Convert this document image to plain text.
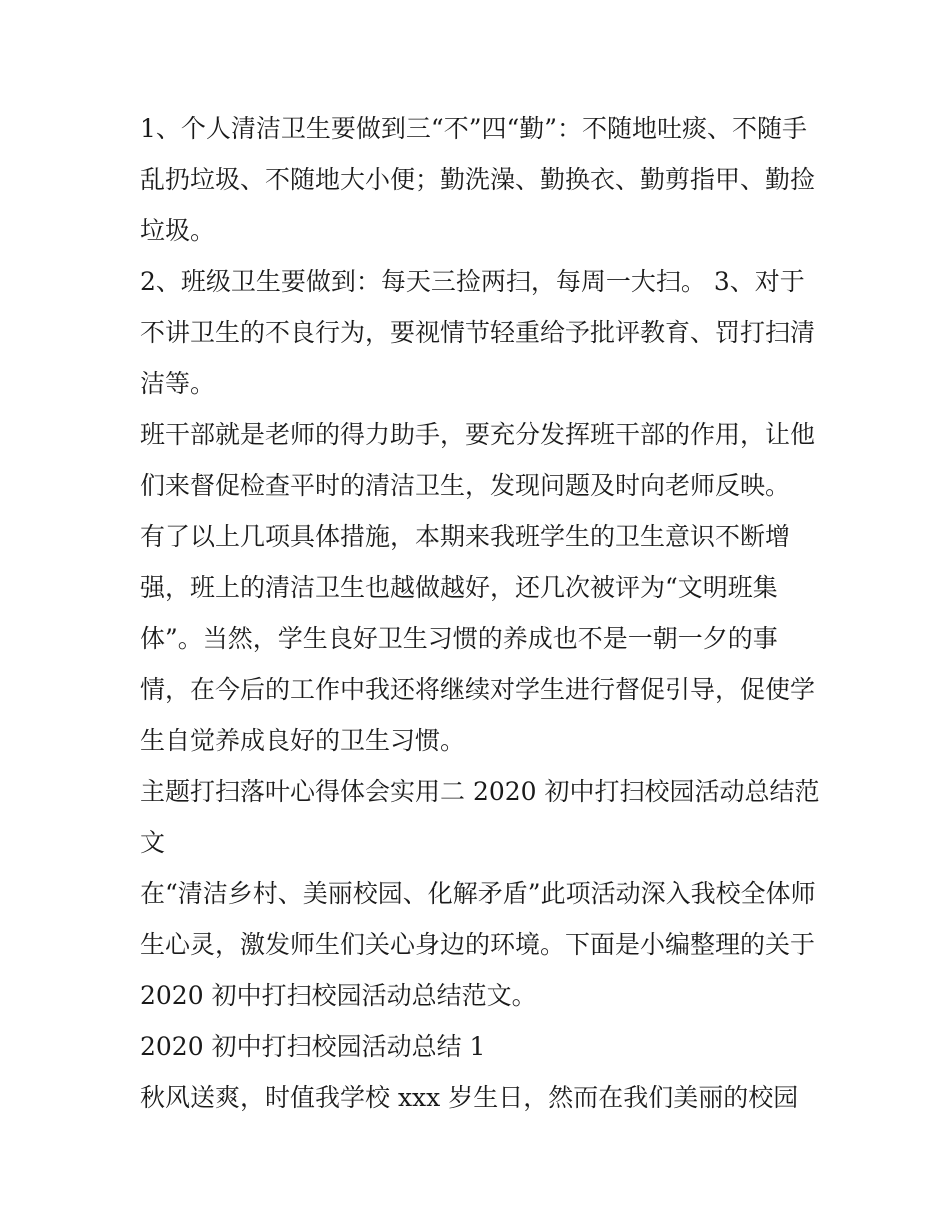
1、个人清洁卫生要做到三“不”四“勤”：不随地吐痰、不随手

乱扔垃圾、不随地大小便；勤洗澡、勤换衣、勤剪指甲、勤捡

垃圾。

2、班级卫生要做到：每天三捡两扫，每周一大扫。 3、对于

不讲卫生的不良行为，要视情节轻重给予批评教育、罚打扫清

洁等。

班干部就是老师的得力助手，要充分发挥班干部的作用，让他

们来督促检查平时的清洁卫生，发现问题及时向老师反映。

有了以上几项具体措施，本期来我班学生的卫生意识不断增

强，班上的清洁卫生也越做越好，还几次被评为“文明班集

体”。当然，学生良好卫生习惯的养成也不是一朝一夕的事

情，在今后的工作中我还将继续对学生进行督促引导，促使学

生自觉养成良好的卫生习惯。

主题打扫落叶心得体会实用二 2020 初中打扫校园活动总结范

文

在“清洁乡村、美丽校园、化解矛盾”此项活动深入我校全体师

生心灵，激发师生们关心身边的环境。下面是小编整理的关于

2020 初中打扫校园活动总结范文。

2020 初中打扫校园活动总结 1

秋风送爽，时值我学校 xxx 岁生日，然而在我们美丽的校园
